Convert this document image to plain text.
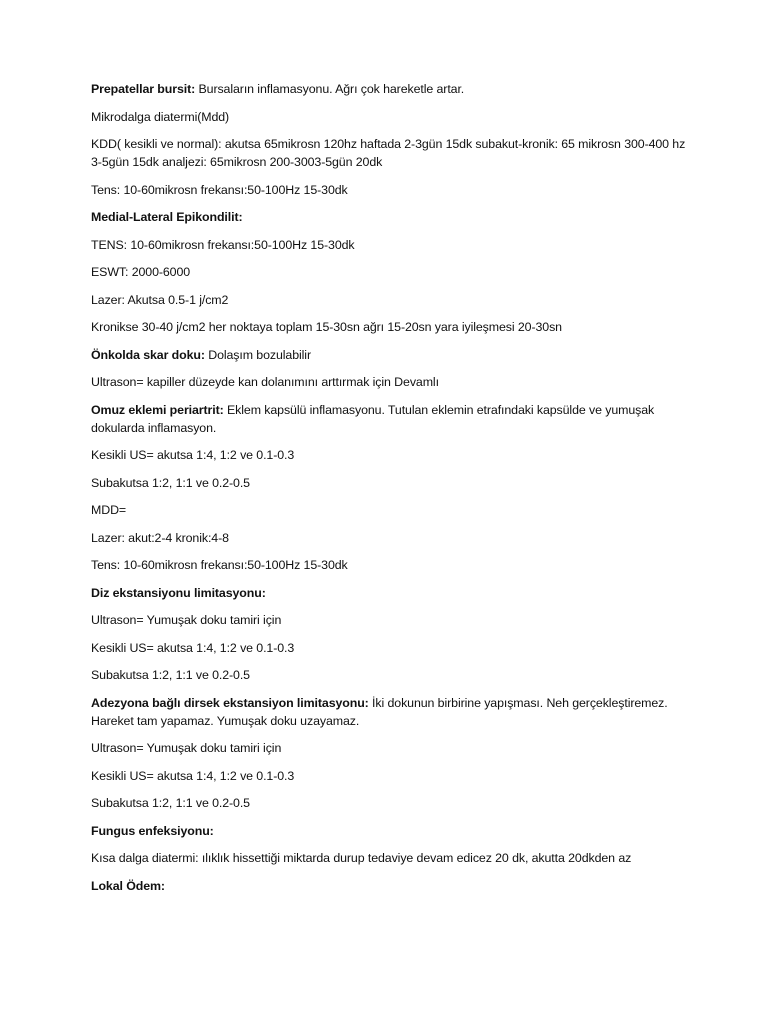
Prepatellar bursit: Bursaların inflamasyonu. Ağrı çok hareketle artar.

Mikrodalga diatermi(Mdd)

KDD( kesikli ve normal): akutsa 65mikrosn 120hz haftada 2-3gün 15dk subakut-kronik: 65 mikrosn 300-400 hz 3-5gün 15dk analjezi: 65mikrosn 200-3003-5gün 20dk

Tens: 10-60mikrosn frekansı:50-100Hz 15-30dk

Medial-Lateral Epikondilit:

TENS: 10-60mikrosn frekansı:50-100Hz 15-30dk

ESWT: 2000-6000

Lazer: Akutsa 0.5-1 j/cm2

Kronikse 30-40 j/cm2 her noktaya toplam 15-30sn ağrı 15-20sn yara iyileşmesi 20-30sn

Önkolda skar doku: Dolaşım bozulabilir

Ultrason= kapiller düzeyde kan dolanımını arttırmak için Devamlı

Omuz eklemi periartrit: Eklem kapsülü inflamasyonu. Tutulan eklemin etrafındaki kapsülde ve yumuşak dokularda inflamasyon.

Kesikli US= akutsa 1:4, 1:2 ve 0.1-0.3

Subakutsa 1:2, 1:1 ve 0.2-0.5

MDD=

Lazer: akut:2-4 kronik:4-8

Tens: 10-60mikrosn frekansı:50-100Hz 15-30dk

Diz ekstansiyonu limitasyonu:

Ultrason= Yumuşak doku tamiri için

Kesikli US= akutsa 1:4, 1:2 ve 0.1-0.3

Subakutsa 1:2, 1:1 ve 0.2-0.5

Adezyona bağlı dirsek ekstansiyon limitasyonu: İki dokunun birbirine yapışması. Neh gerçekleştiremez. Hareket tam yapamaz. Yumuşak doku uzayamaz.

Ultrason= Yumuşak doku tamiri için

Kesikli US= akutsa 1:4, 1:2 ve 0.1-0.3

Subakutsa 1:2, 1:1 ve 0.2-0.5

Fungus enfeksiyonu:

Kısa dalga diatermi: ılıklık hissettiği miktarda durup tedaviye devam edicez 20 dk, akutta 20dkden az

Lokal Ödem:
